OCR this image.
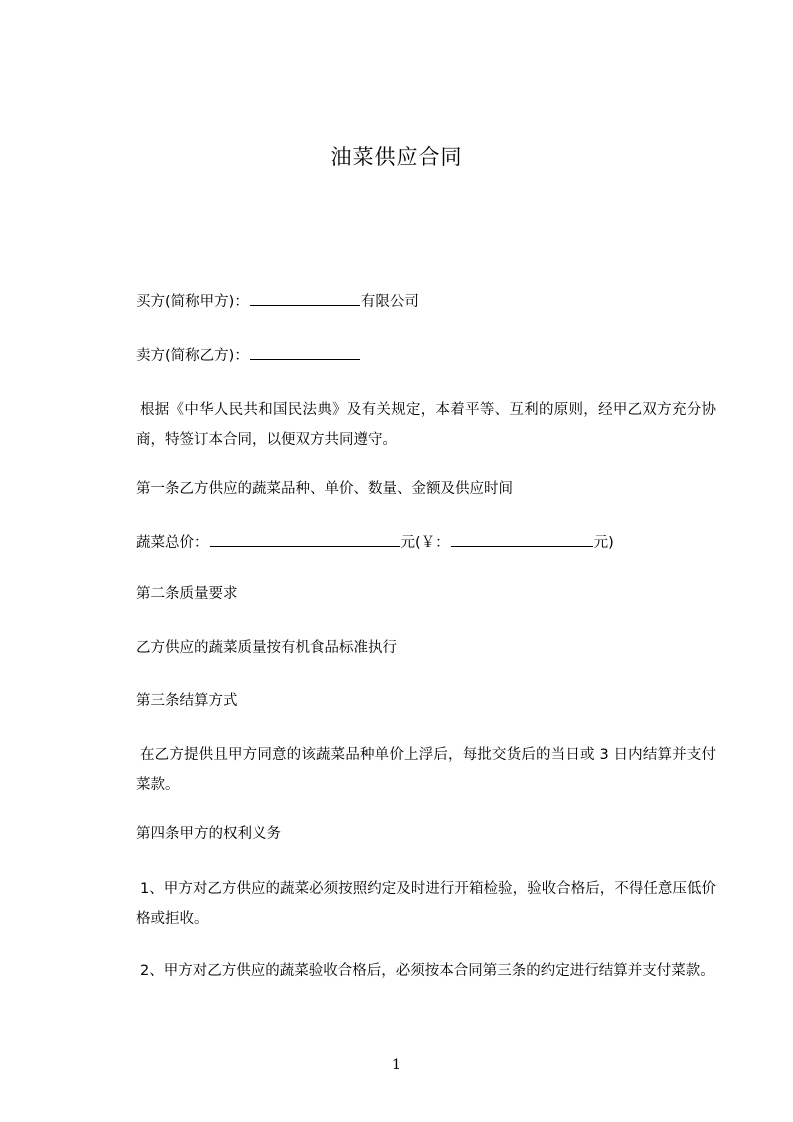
油菜供应合同
买方(简称甲方)：	有限公司
卖方(简称乙方)：
根据《中华人民共和国民法典》及有关规定，本着平等、互利的原则，经甲乙双方充分协商，特签订本合同，以便双方共同遵守。
第一条乙方供应的蔬菜品种、单价、数量、金额及供应时间
蔬菜总价：	元(￥：	元)
第二条质量要求
乙方供应的蔬菜质量按有机食品标准执行
第三条结算方式
在乙方提供且甲方同意的该蔬菜品种单价上浮后，每批交货后的当日或 3 日内结算并支付菜款。
第四条甲方的权利义务
1、甲方对乙方供应的蔬菜必须按照约定及时进行开箱检验，验收合格后，不得任意压低价格或拒收。
2、甲方对乙方供应的蔬菜验收合格后，必须按本合同第三条的约定进行结算并支付菜款。
1
